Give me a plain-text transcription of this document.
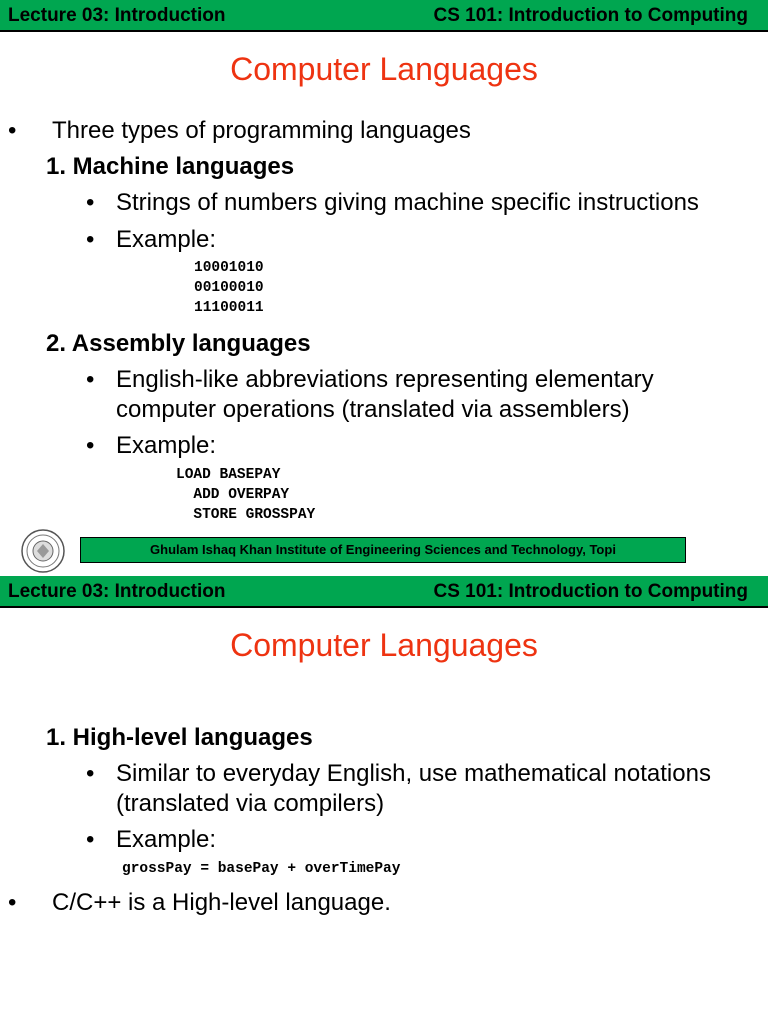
Lecture 03: Introduction	CS 101: Introduction to Computing
Computer Languages
• Three types of programming languages
1. Machine languages
• Strings of numbers giving machine specific instructions
• Example:
10001010
00100010
11100011
2. Assembly languages
• English-like abbreviations representing elementary
computer operations (translated via assemblers)
• Example:
LOAD BASEPAY
ADD OVERPAY
STORE GROSSPAY
Ghulam Ishaq Khan Institute of Engineering Sciences and Technology, Topi
Lecture 03: Introduction	CS 101: Introduction to Computing
Computer Languages
1. High-level languages
• Similar to everyday English, use mathematical notations
(translated via compilers)
• Example:
grossPay = basePay + overTimePay
• C/C++ is a High-level language.
